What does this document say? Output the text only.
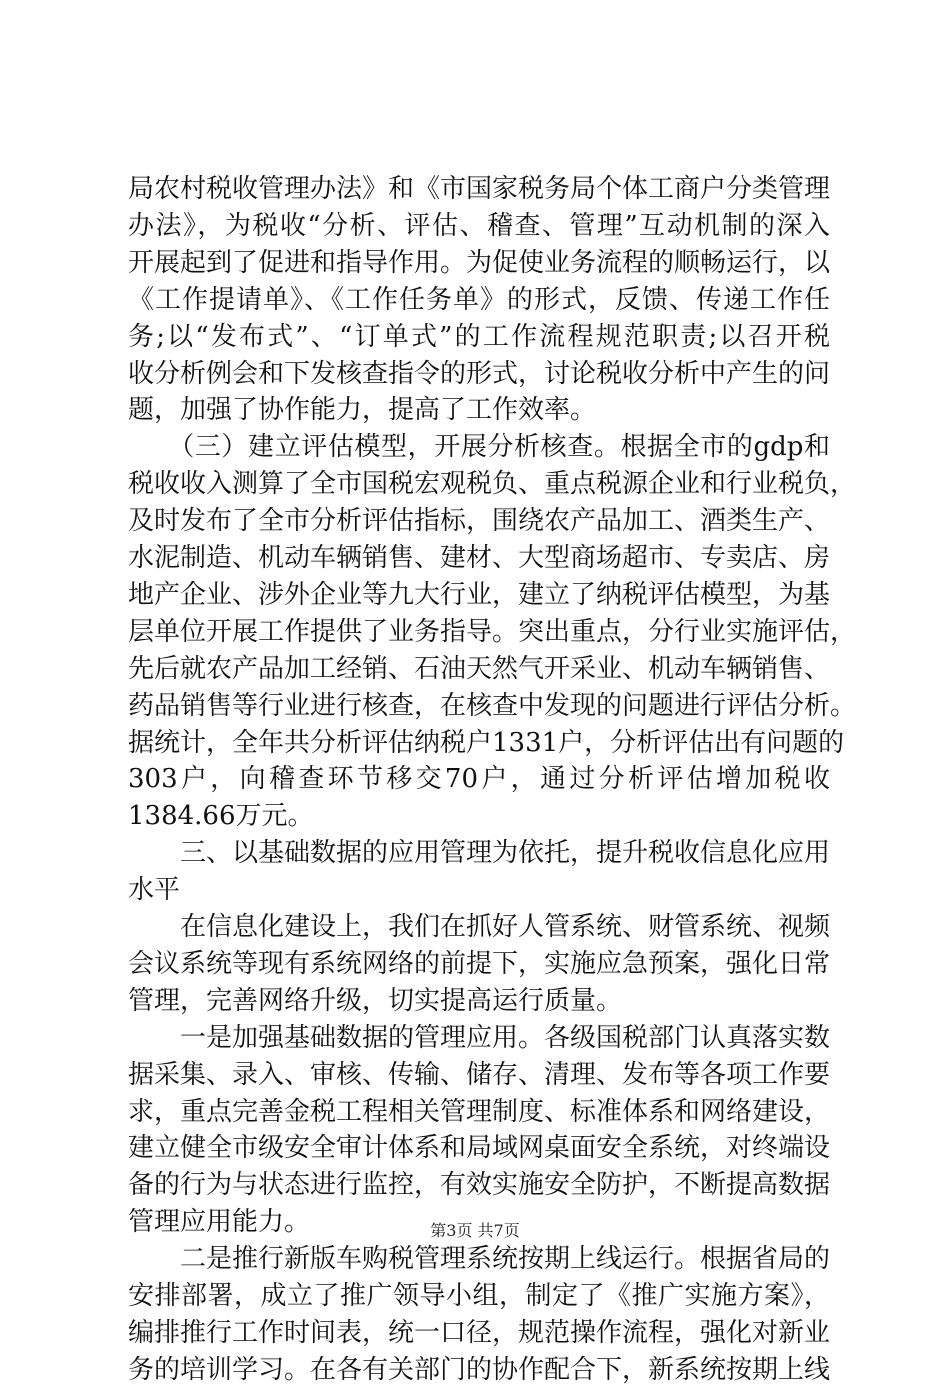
局农村税收管理办法》和《市国家税务局个体工商户分类管理
办法》，为税收“分析、评估、稽查、管理”互动机制的深入
开展起到了促进和指导作用。为促使业务流程的顺畅运行，以
《工作提请单》、《工作任务单》的形式，反馈、传递工作任
务;以“发布式”、“订单式”的工作流程规范职责;以召开税
收分析例会和下发核查指令的形式，讨论税收分析中产生的问
题，加强了协作能力，提高了工作效率。
　　（三）建立评估模型，开展分析核查。根据全市的gdp和
税收收入测算了全市国税宏观税负、重点税源企业和行业税负，
及时发布了全市分析评估指标，围绕农产品加工、酒类生产、
水泥制造、机动车辆销售、建材、大型商场超市、专卖店、房
地产企业、涉外企业等九大行业，建立了纳税评估模型，为基
层单位开展工作提供了业务指导。突出重点，分行业实施评估，
先后就农产品加工经销、石油天然气开采业、机动车辆销售、
药品销售等行业进行核查，在核查中发现的问题进行评估分析。
据统计，全年共分析评估纳税户1331户，分析评估出有问题的
303户，向稽查环节移交70户，通过分析评估增加税收
1384.66万元。
　　三、以基础数据的应用管理为依托，提升税收信息化应用
水平
　　在信息化建设上，我们在抓好人管系统、财管系统、视频
会议系统等现有系统网络的前提下，实施应急预案，强化日常
管理，完善网络升级，切实提高运行质量。
　　一是加强基础数据的管理应用。各级国税部门认真落实数
据采集、录入、审核、传输、储存、清理、发布等各项工作要
求，重点完善金税工程相关管理制度、标准体系和网络建设，
建立健全市级安全审计体系和局域网桌面安全系统，对终端设
备的行为与状态进行监控，有效实施安全防护，不断提高数据
管理应用能力。
　　二是推行新版车购税管理系统按期上线运行。根据省局的
安排部署，成立了推广领导小组，制定了《推广实施方案》，
编排推行工作时间表，统一口径，规范操作流程，强化对新业
务的培训学习。在各有关部门的协作配合下，新系统按期上线
第3页 共7页
